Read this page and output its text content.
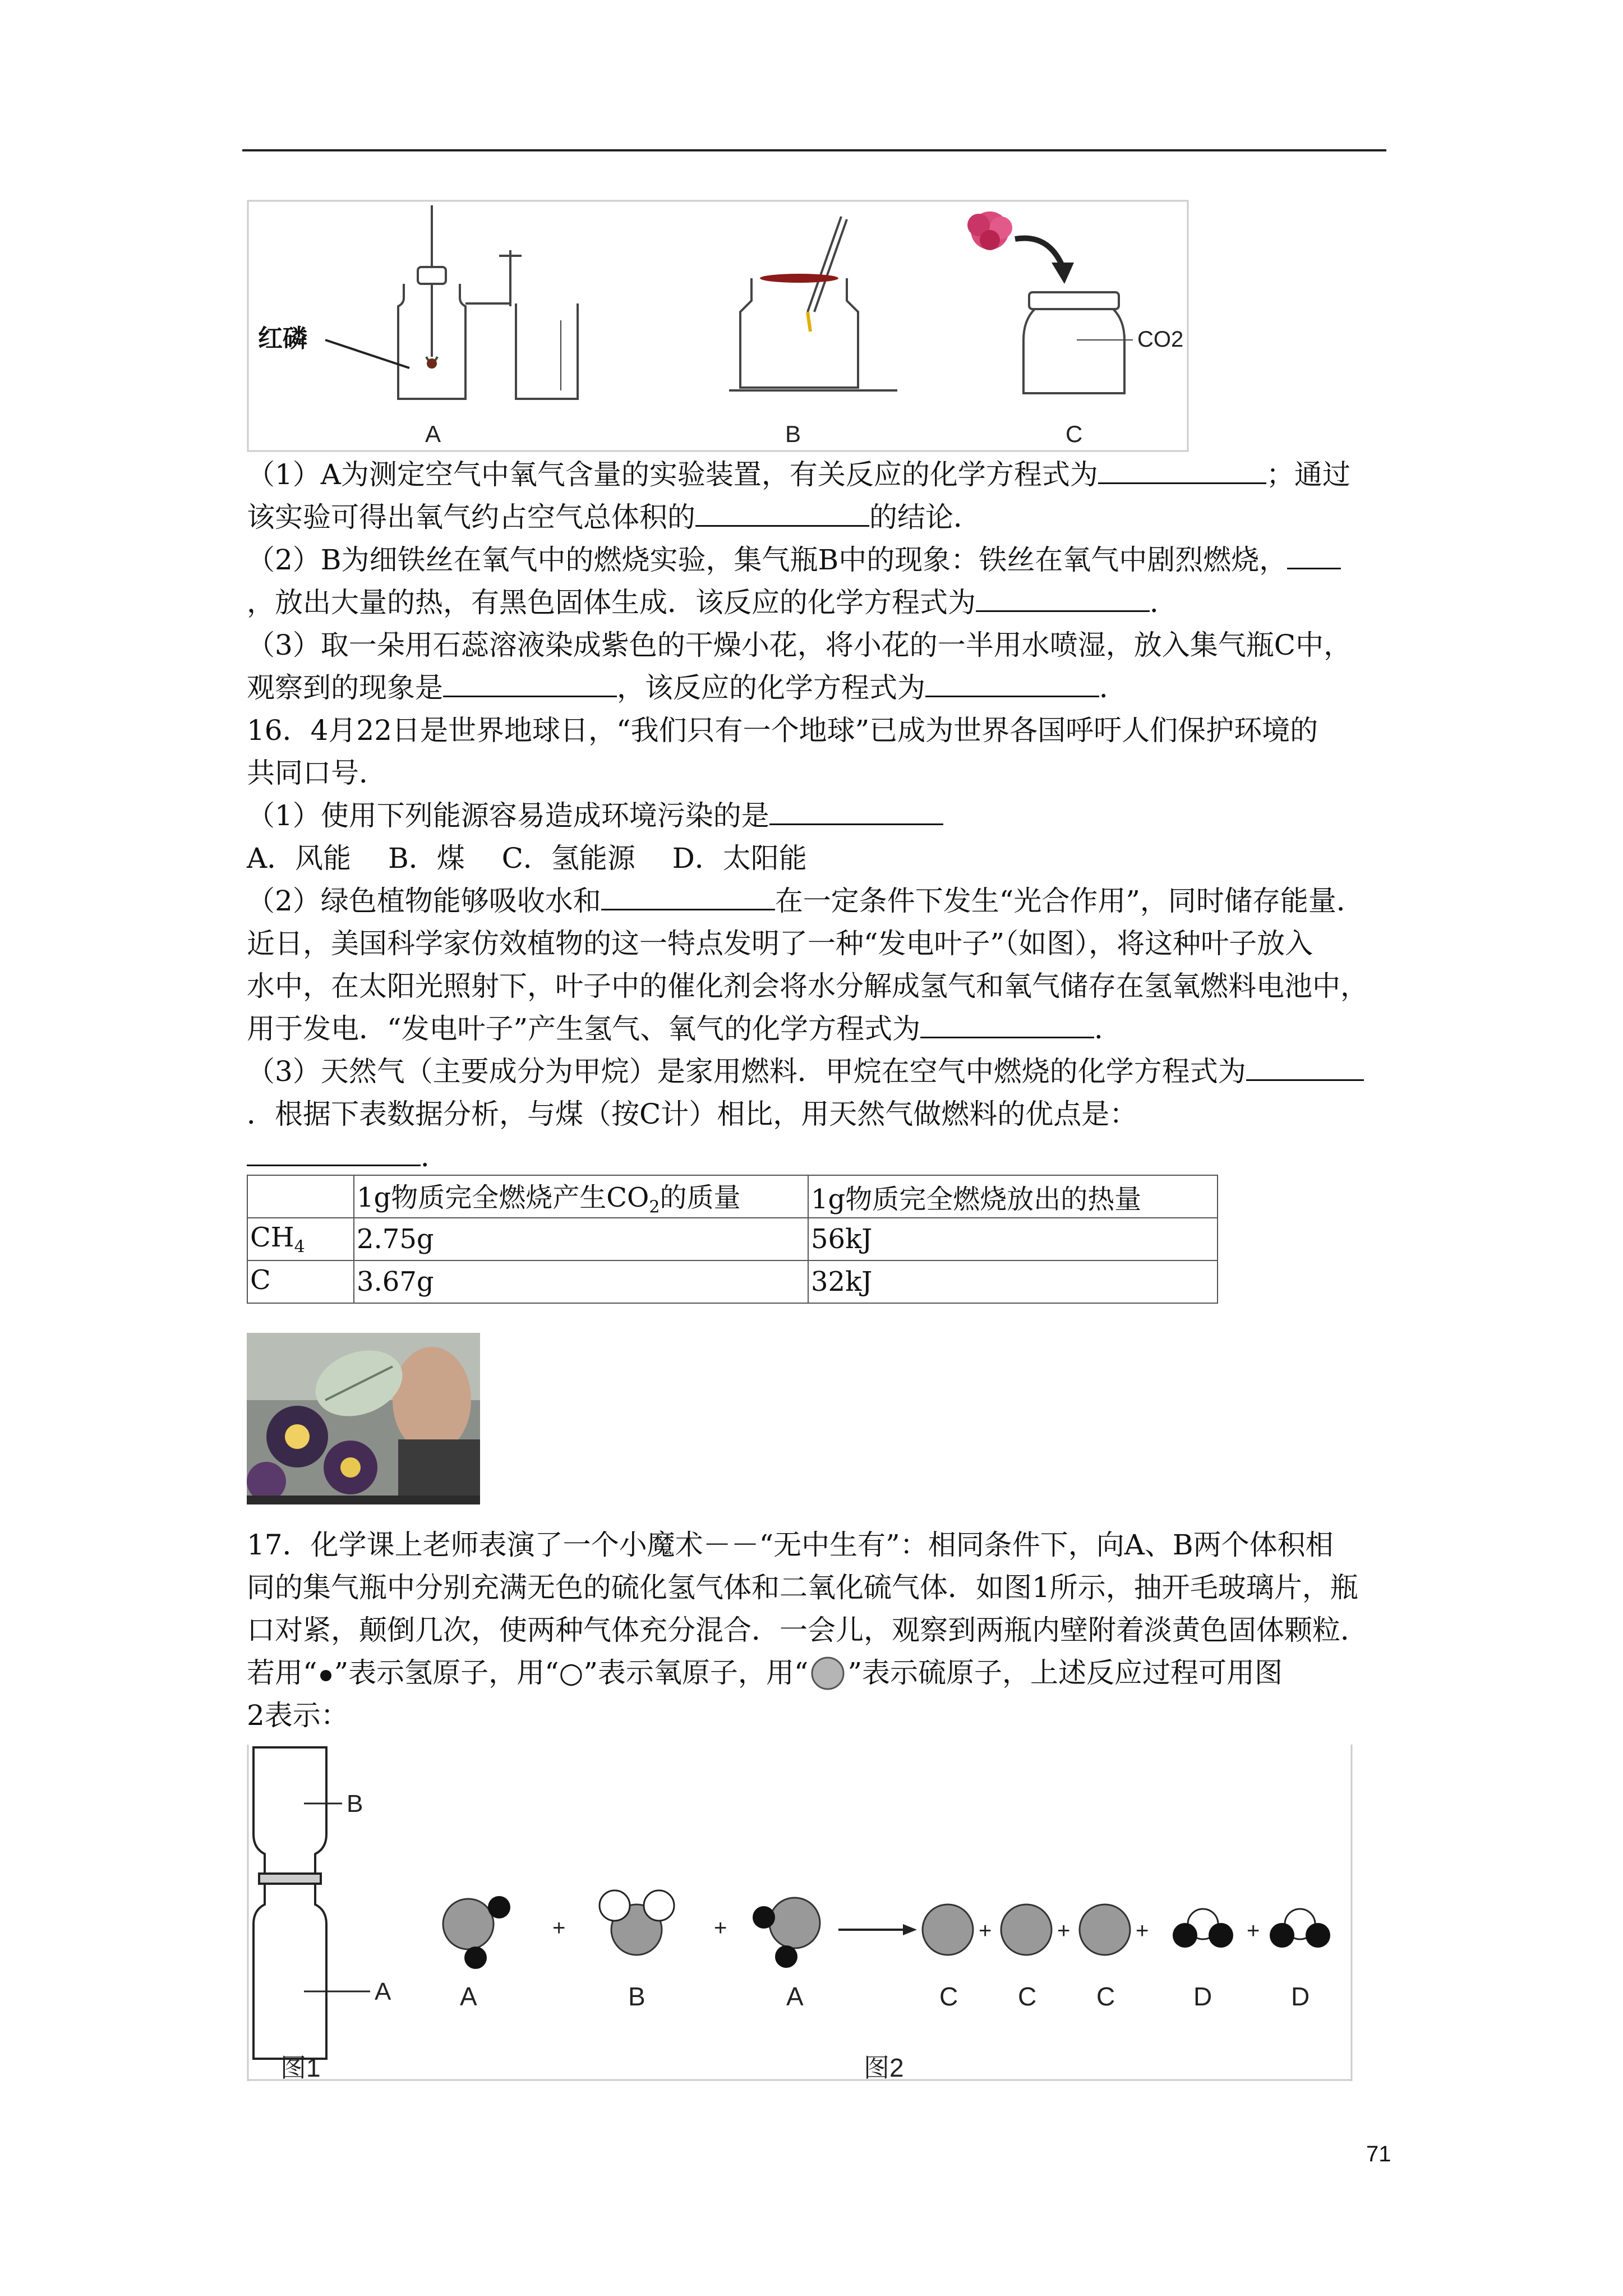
红磷
A	B
CO2
C
（1）A为测定空气中氧气含量的实验装置，有关反应的化学方程式为	；通过
该实验可得出氧气约占空气总体积的	的结论．
（2）B为细铁丝在氧气中的燃烧实验，集气瓶B中的现象：铁丝在氧气中剧烈燃烧，
，放出大量的热，有黑色固体生成．该反应的化学方程式为	．
（3）取一朵用石蕊溶液染成紫色的干燥小花，将小花的一半用水喷湿，放入集气瓶C中，
观察到的现象是	，该反应的化学方程式为	．
16．4月22日是世界地球日，“我们只有一个地球”已成为世界各国呼吁人们保护环境的
共同口号．
（1）使用下列能源容易造成环境污染的是
A．风能　 B．煤　 C．氢能源　 D．太阳能
（2）绿色植物能够吸收水和	在一定条件下发生“光合作用”，同时储存能量．
近日，美国科学家仿效植物的这一特点发明了一种“发电叶子”（如图），将这种叶子放入
水中，在太阳光照射下，叶子中的催化剂会将水分解成氢气和氧气储存在氢氧燃料电池中，
用于发电．“发电叶子”产生氢气、氧气的化学方程式为	．
（3）天然气（主要成分为甲烷）是家用燃料．甲烷在空气中燃烧的化学方程式为
．根据下表数据分析，与煤（按C计）相比，用天然气做燃料的优点是：
．
	1g物质完全燃烧产生$CO_2$的质量	1g物质完全燃烧放出的热量
$CH_4$	2.75g	56kJ
C	3.67g	32kJ
17．化学课上老师表演了一个小魔术－－“无中生有”：相同条件下，向A、B两个体积相
同的集气瓶中分别充满无色的硫化氢气体和二氧化硫气体．如图1所示，抽开毛玻璃片，瓶
口对紧，颠倒几次，使两种气体充分混合．一会儿，观察到两瓶内壁附着淡黄色固体颗粒．
若用“ ”表示氢原子，用“○”表示氧原子，用“ ”表示硫原子，上述反应过程可用图
2表示：
B
A
图1
+	+	+	+	+	+
A	B	A	C C C	D	D
图2
71
